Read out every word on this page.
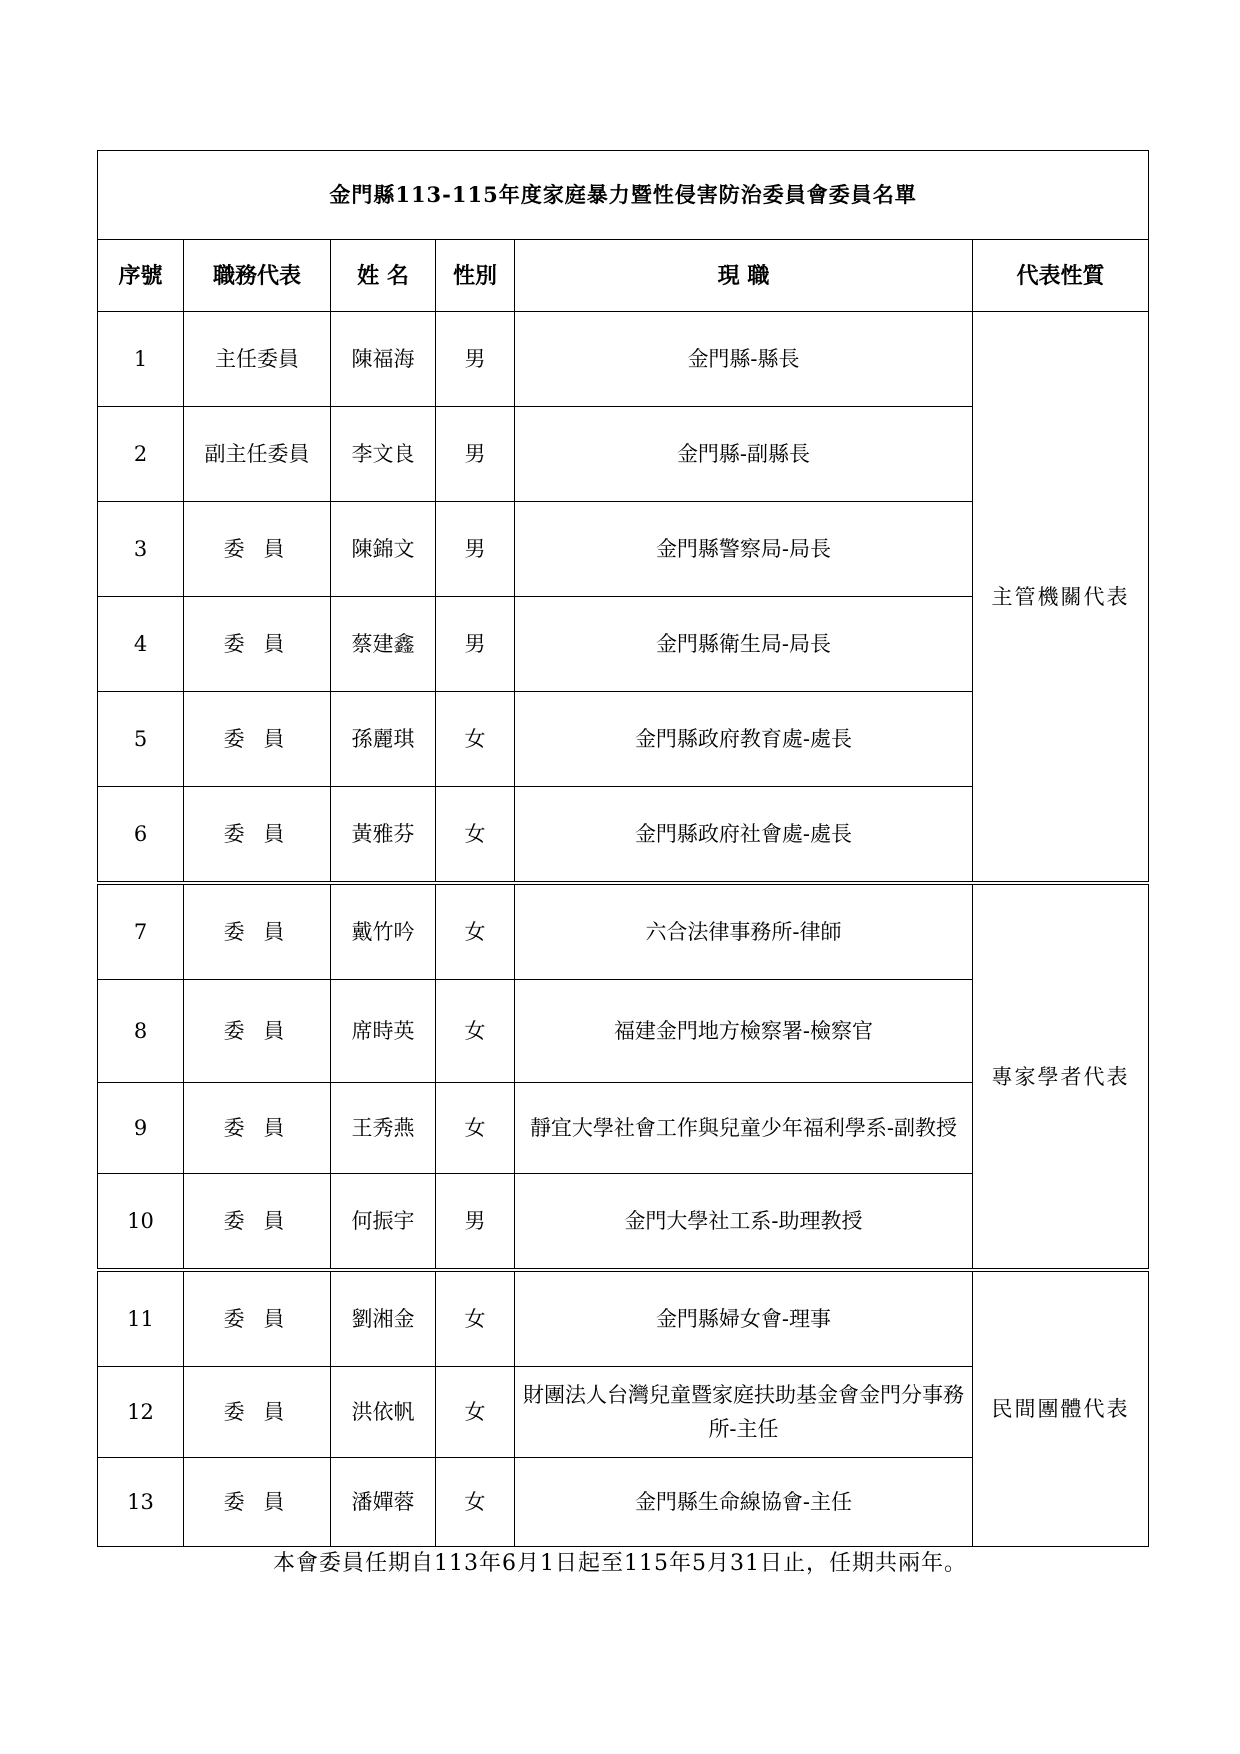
金門縣113-115年度家庭暴力暨性侵害防治委員會委員名單					
序號	職務代表	姓 名	性別	現 職	代表性質
1	主任委員	陳福海	男	金門縣-縣長	主管機關代表
2	副主任委員	李文良	男	金門縣-副縣長	
3	委 員	陳錦文	男	金門縣警察局-局長	
4	委 員	蔡建鑫	男	金門縣衛生局-局長	
5	委 員	孫麗琪	女	金門縣政府教育處-處長	
6	委 員	黃雅芬	女	金門縣政府社會處-處長	
7	委 員	戴竹吟	女	六合法律事務所-律師	專家學者代表
8	委 員	席時英	女	福建金門地方檢察署-檢察官	
9	委 員	王秀燕	女	靜宜大學社會工作與兒童少年福利學系-副教授	
10	委 員	何振宇	男	金門大學社工系-助理教授	
11	委 員	劉湘金	女	金門縣婦女會-理事	民間團體代表
12	委 員	洪依帆	女	財團法人台灣兒童暨家庭扶助基金會金門分事務所-主任	
13	委 員	潘嬋蓉	女	金門縣生命線協會-主任	
本會委員任期自113年6月1日起至115年5月31日止，任期共兩年。
